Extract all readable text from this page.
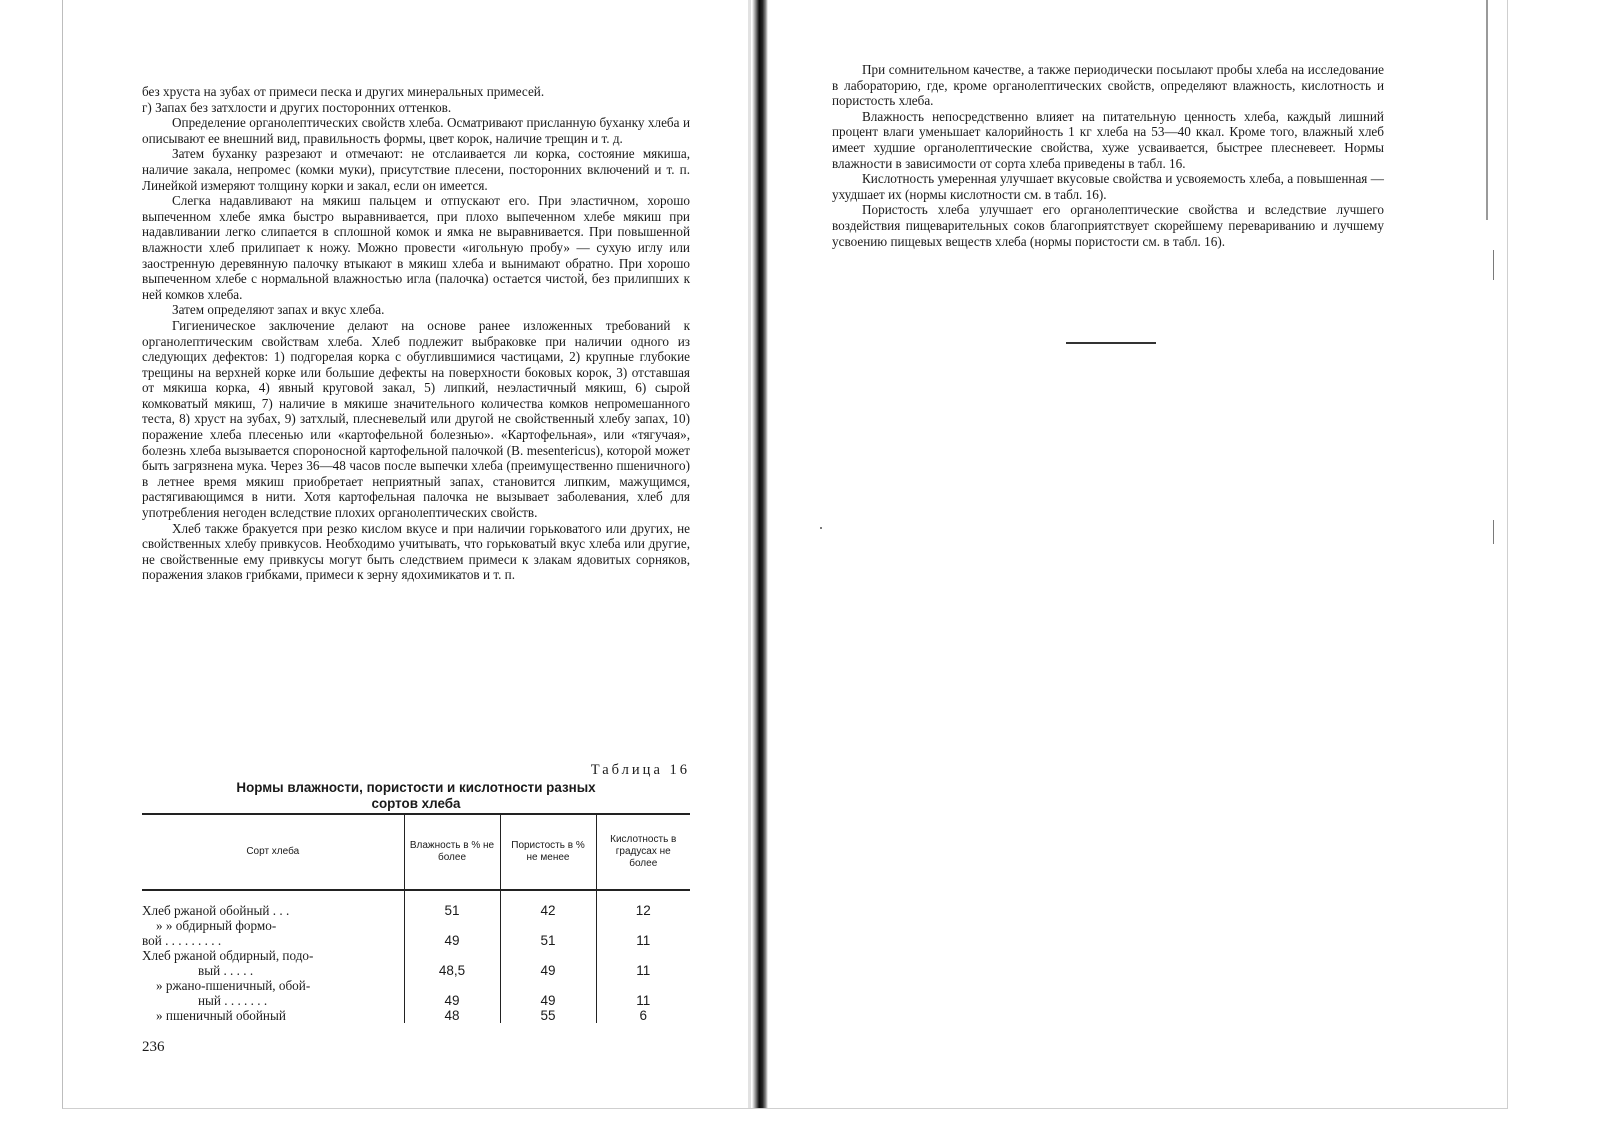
без хруста на зубах от примеси песка и других минеральных примесей.

г) Запах без затхлости и других посторонних оттенков.

Определение органолептических свойств хлеба. Осматривают присланную буханку хлеба и описывают ее внешний вид, правильность формы, цвет корок, наличие трещин и т. д.

Затем буханку разрезают и отмечают: не отслаивается ли корка, состояние мякиша, наличие закала, непромес (комки муки), присутствие плесени, посторонних включений и т. п. Линейкой измеряют толщину корки и закал, если он имеется.

Слегка надавливают на мякиш пальцем и отпускают его. При эластичном, хорошо выпеченном хлебе ямка быстро выравнивается, при плохо выпеченном хлебе мякиш при надавливании легко слипается в сплошной комок и ямка не выравнивается. При повышенной влажности хлеб прилипает к ножу. Можно провести «игольную пробу» — сухую иглу или заостренную деревянную палочку втыкают в мякиш хлеба и вынимают обратно. При хорошо выпеченном хлебе с нормальной влажностью игла (палочка) остается чистой, без прилипших к ней комков хлеба.

Затем определяют запах и вкус хлеба.

Гигиеническое заключение делают на основе ранее изложенных требований к органолептическим свойствам хлеба. Хлеб подлежит выбраковке при наличии одного из следующих дефектов: 1) подгорелая корка с обуглившимися частицами, 2) крупные глубокие трещины на верхней корке или большие дефекты на поверхности боковых корок, 3) отставшая от мякиша корка, 4) явный круговой закал, 5) липкий, неэластичный мякиш, 6) сырой комковатый мякиш, 7) наличие в мякише значительного количества комков непромешанного теста, 8) хруст на зубах, 9) затхлый, плесневелый или другой не свойственный хлебу запах, 10) поражение хлеба плесенью или «картофельной болезнью». «Картофельная», или «тягучая», болезнь хлеба вызывается спороносной картофельной палочкой (B. mesentericus), которой может быть загрязнена мука. Через 36—48 часов после выпечки хлеба (преимущественно пшеничного) в летнее время мякиш приобретает неприятный запах, становится липким, мажущимся, растягивающимся в нити. Хотя картофельная палочка не вызывает заболевания, хлеб для употребления негоден вследствие плохих органолептических свойств.

Хлеб также бракуется при резко кислом вкусе и при наличии горьковатого или других, не свойственных хлебу привкусов. Необходимо учитывать, что горьковатый вкус хлеба или другие, не свойственные ему привкусы могут быть следствием примеси к злакам ядовитых сорняков, поражения злаков грибками, примеси к зерну ядохимикатов и т. п.

Таблица 16
Нормы влажности, пористости и кислотности разных
сортов хлеба
Сорт хлеба	Влажность в % не более	Пористость в % не менее	Кислотность в градусах не более

Хлеб ржаной обойный . . .	51	42	12

» » обдирный формо-
вой . . . . . . . . .	49	51	11

Хлеб ржаной обдирный, подо-
вый . . . . .	48,5	49	11

» ржано-пшеничный, обой-
ный . . . . . . .	49	49	11

» пшеничный обойный	48	55	6
236

При сомнительном качестве, а также периодически посылают пробы хлеба на исследование в лабораторию, где, кроме органолептических свойств, определяют влажность, кислотность и пористость хлеба.

Влажность непосредственно влияет на питательную ценность хлеба, каждый лишний процент влаги уменьшает калорийность 1 кг хлеба на 53—40 ккал. Кроме того, влажный хлеб имеет худшие органолептические свойства, хуже усваивается, быстрее плесневеет. Нормы влажности в зависимости от сорта хлеба приведены в табл. 16.

Кислотность умеренная улучшает вкусовые свойства и усвояемость хлеба, а повышенная — ухудшает их (нормы кислотности см. в табл. 16).

Пористость хлеба улучшает его органолептические свойства и вследствие лучшего воздействия пищеварительных соков благоприятствует скорейшему перевариванию и лучшему усвоению пищевых веществ хлеба (нормы пористости см. в табл. 16).
